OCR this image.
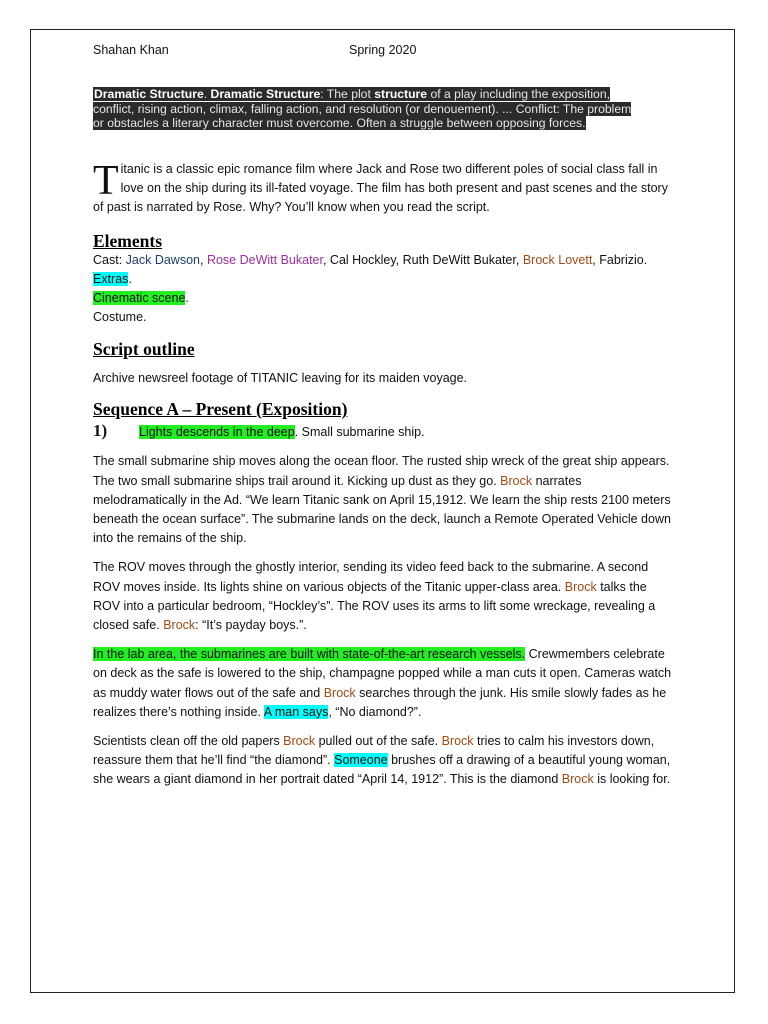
Shahan Khan	Spring 2020
Dramatic Structure. Dramatic Structure: The plot structure of a play including the exposition, conflict, rising action, climax, falling action, and resolution (or denouement). ... Conflict: The problem or obstacles a literary character must overcome. Often a struggle between opposing forces.

Titanic is a classic epic romance film where Jack and Rose two different poles of social class fall in love on the ship during its ill-fated voyage. The film has both present and past scenes and the story of past is narrated by Rose. Why? You’ll know when you read the script.

Elements

Cast: Jack Dawson, Rose DeWitt Bukater, Cal Hockley, Ruth DeWitt Bukater, Brock Lovett, Fabrizio.

Extras.

Cinematic scene.

Costume.

Script outline

Archive newsreel footage of TITANIC leaving for its maiden voyage.

Sequence A – Present (Exposition)

1)	Lights descends in the deep. Small submarine ship.

The small submarine ship moves along the ocean floor. The rusted ship wreck of the great ship appears. The two small submarine ships trail around it. Kicking up dust as they go. Brock narrates melodramatically in the Ad. “We learn Titanic sank on April 15,1912. We learn the ship rests 2100 meters beneath the ocean surface”. The submarine lands on the deck, launch a Remote Operated Vehicle down into the remains of the ship.

The ROV moves through the ghostly interior, sending its video feed back to the submarine. A second ROV moves inside. Its lights shine on various objects of the Titanic upper-class area. Brock talks the ROV into a particular bedroom, “Hockley’s”. The ROV uses its arms to lift some wreckage, revealing a closed safe. Brock: “It’s payday boys.”.

In the lab area, the submarines are built with state-of-the-art research vessels. Crewmembers celebrate on deck as the safe is lowered to the ship, champagne popped while a man cuts it open. Cameras watch as muddy water flows out of the safe and Brock searches through the junk. His smile slowly fades as he realizes there’s nothing inside. A man says, “No diamond?”.

Scientists clean off the old papers Brock pulled out of the safe. Brock tries to calm his investors down, reassure them that he’ll find “the diamond”. Someone brushes off a drawing of a beautiful young woman, she wears a giant diamond in her portrait dated “April 14, 1912”. This is the diamond Brock is looking for.
